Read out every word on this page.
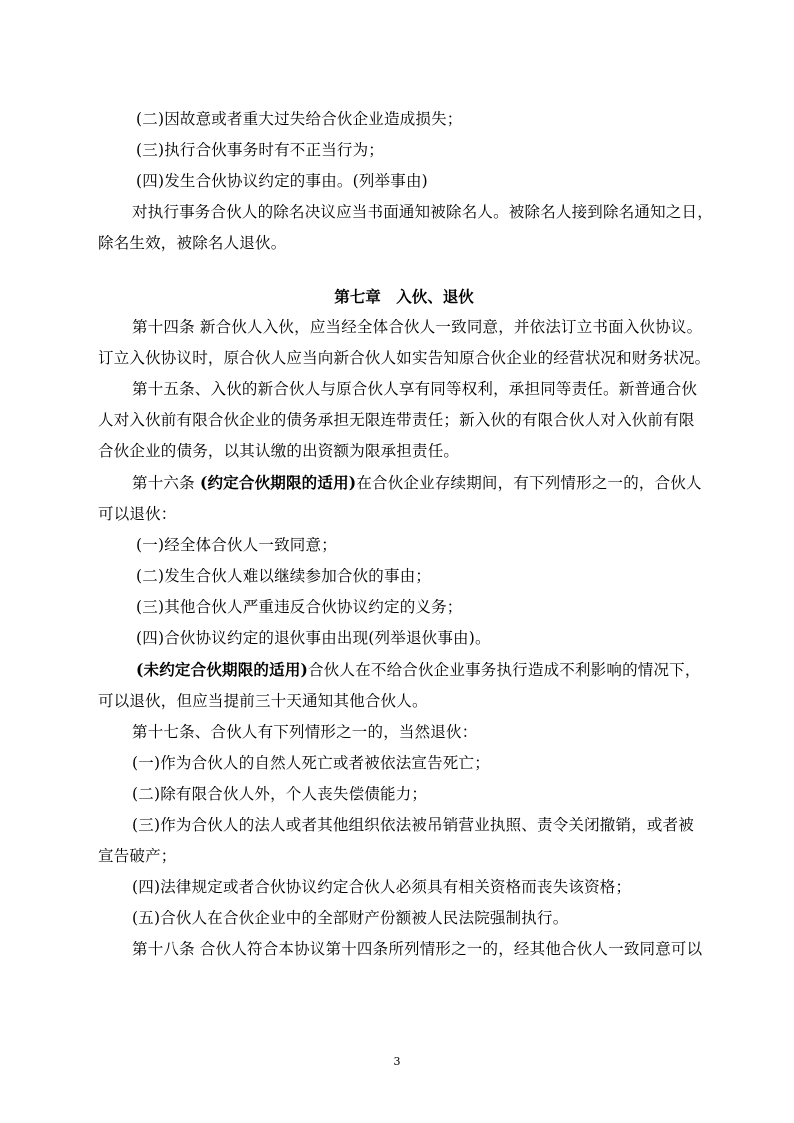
(二)因故意或者重大过失给合伙企业造成损失；

(三)执行合伙事务时有不正当行为；

(四)发生合伙协议约定的事由。(列举事由)

对执行事务合伙人的除名决议应当书面通知被除名人。被除名人接到除名通知之日，

除名生效，被除名人退伙。

第七章　入伙、退伙

第十四条 新合伙人入伙，应当经全体合伙人一致同意，并依法订立书面入伙协议。

订立入伙协议时，原合伙人应当向新合伙人如实告知原合伙企业的经营状况和财务状况。

第十五条、入伙的新合伙人与原合伙人享有同等权利，承担同等责任。新普通合伙

人对入伙前有限合伙企业的债务承担无限连带责任；新入伙的有限合伙人对入伙前有限

合伙企业的债务，以其认缴的出资额为限承担责任。

第十六条 (约定合伙期限的适用)在合伙企业存续期间，有下列情形之一的，合伙人

可以退伙：

(一)经全体合伙人一致同意；

(二)发生合伙人难以继续参加合伙的事由；

(三)其他合伙人严重违反合伙协议约定的义务；

(四)合伙协议约定的退伙事由出现(列举退伙事由)。

(未约定合伙期限的适用)合伙人在不给合伙企业事务执行造成不利影响的情况下，

可以退伙，但应当提前三十天通知其他合伙人。

第十七条、合伙人有下列情形之一的，当然退伙：

(一)作为合伙人的自然人死亡或者被依法宣告死亡；

(二)除有限合伙人外，个人丧失偿债能力；

(三)作为合伙人的法人或者其他组织依法被吊销营业执照、责令关闭撤销，或者被

宣告破产；

(四)法律规定或者合伙协议约定合伙人必须具有相关资格而丧失该资格；

(五)合伙人在合伙企业中的全部财产份额被人民法院强制执行。

第十八条 合伙人符合本协议第十四条所列情形之一的，经其他合伙人一致同意可以

3
